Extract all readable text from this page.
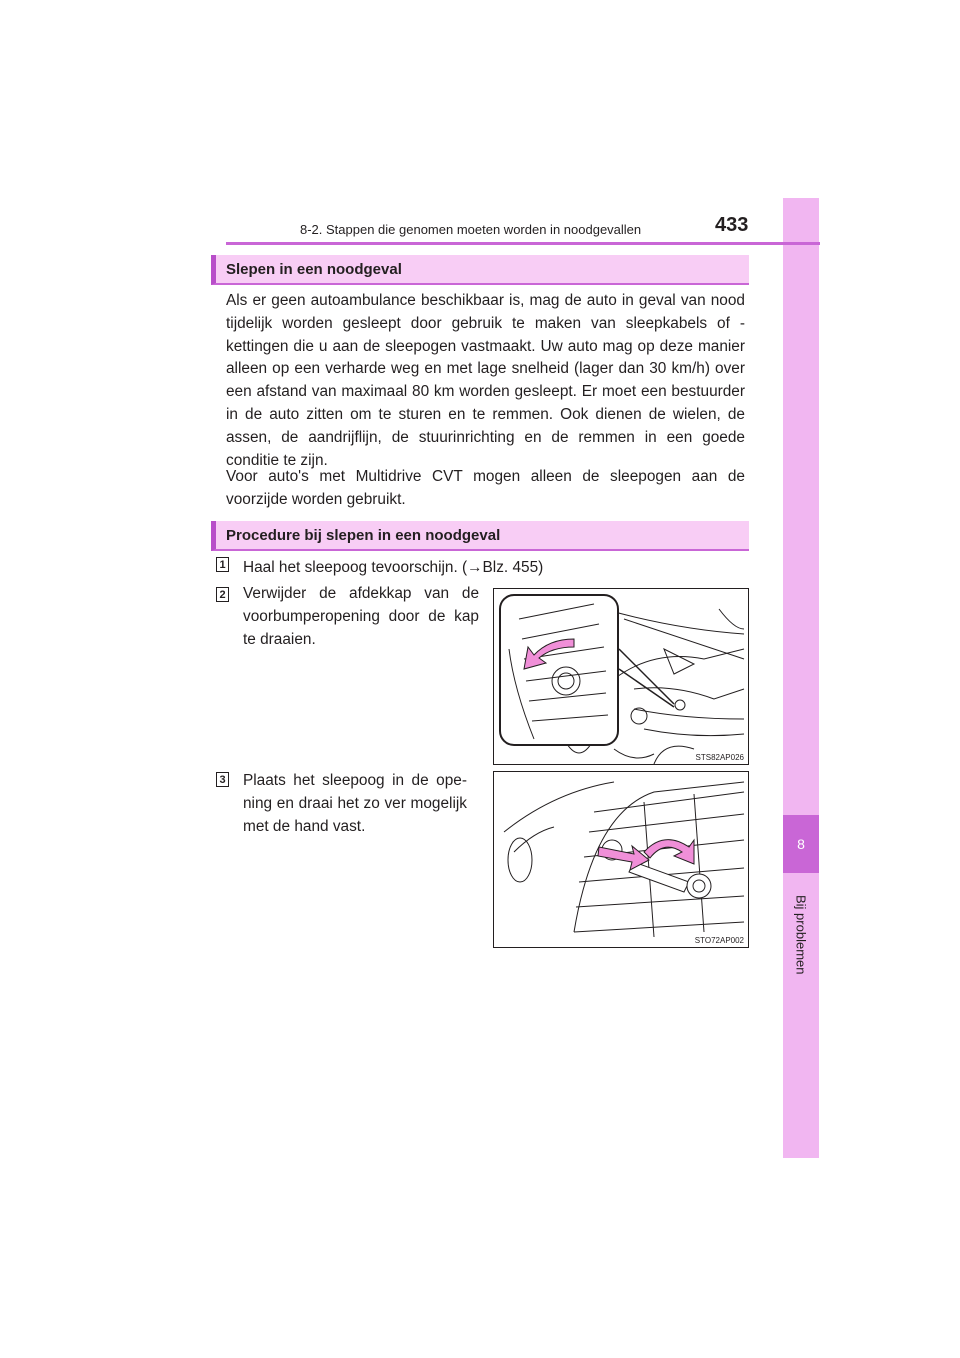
8
Bij problemen
8-2. Stappen die genomen moeten worden in noodgevallen	433
Slepen in een noodgeval

Als er geen autoambulance beschikbaar is, mag de auto in geval van nood tijdelijk worden gesleept door gebruik te maken van sleepkabels of -kettingen die u aan de sleepogen vastmaakt. Uw auto mag op deze manier alleen op een verharde weg en met lage snelheid (lager dan 30 km/h) over een afstand van maximaal 80 km worden gesleept. Er moet een bestuurder in de auto zitten om te sturen en te remmen. Ook dienen de wielen, de assen, de aandrijflijn, de stuurinrichting en de remmen in een goede conditie te zijn.

Voor auto's met Multidrive CVT mogen alleen de sleepogen aan de voorzijde worden gebruikt.

Procedure bij slepen in een noodgeval
1 Haal het sleepoog tevoorschijn. (→Blz. 455)

2 Verwijder de afdekkap van de voorbumperopening door de kap te draaien.

3 Plaats het sleepoog in de opening en draai het zo ver mogelijk met de hand vast.

STS82AP026
STO72AP002
